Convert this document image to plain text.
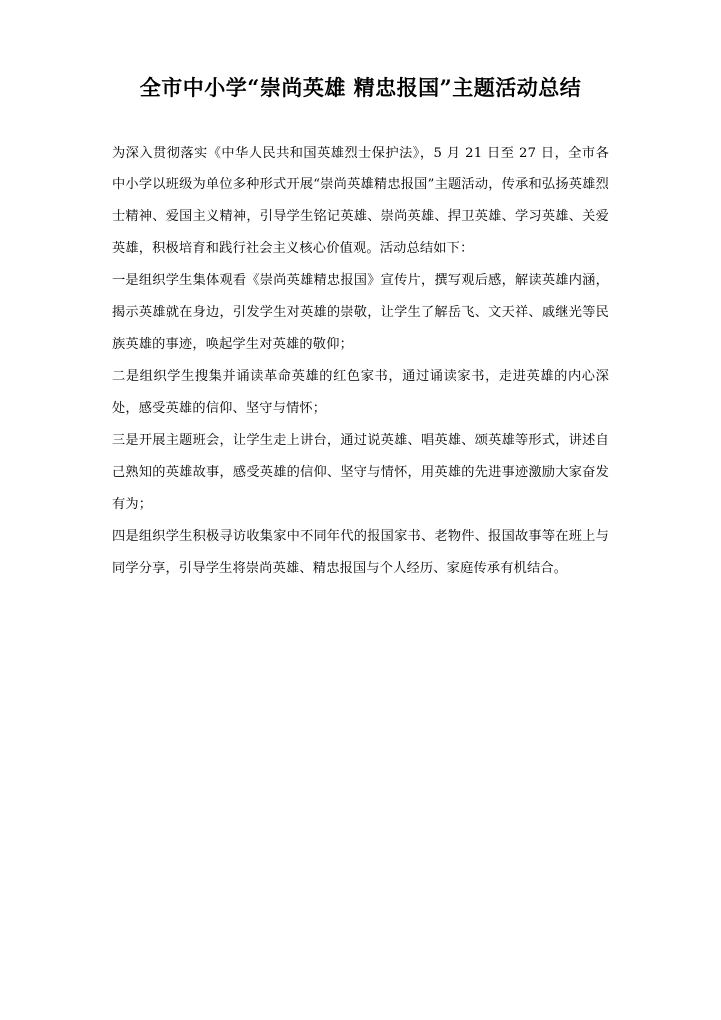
全市中小学“崇尚英雄 精忠报国”主题活动总结

为深入贯彻落实《中华人民共和国英雄烈士保护法》，5 月 21 日至 27 日，全市各中小学以班级为单位多种形式开展“崇尚英雄精忠报国”主题活动，传承和弘扬英雄烈士精神、爱国主义精神，引导学生铭记英雄、崇尚英雄、捍卫英雄、学习英雄、关爱英雄，积极培育和践行社会主义核心价值观。活动总结如下：

一是组织学生集体观看《崇尚英雄精忠报国》宣传片，撰写观后感，解读英雄内涵，揭示英雄就在身边，引发学生对英雄的崇敬，让学生了解岳飞、文天祥、戚继光等民族英雄的事迹，唤起学生对英雄的敬仰；

二是组织学生搜集并诵读革命英雄的红色家书，通过诵读家书，走进英雄的内心深处，感受英雄的信仰、坚守与情怀；

三是开展主题班会，让学生走上讲台，通过说英雄、唱英雄、颂英雄等形式，讲述自己熟知的英雄故事，感受英雄的信仰、坚守与情怀，用英雄的先进事迹激励大家奋发有为；

四是组织学生积极寻访收集家中不同年代的报国家书、老物件、报国故事等在班上与同学分享，引导学生将崇尚英雄、精忠报国与个人经历、家庭传承有机结合。
